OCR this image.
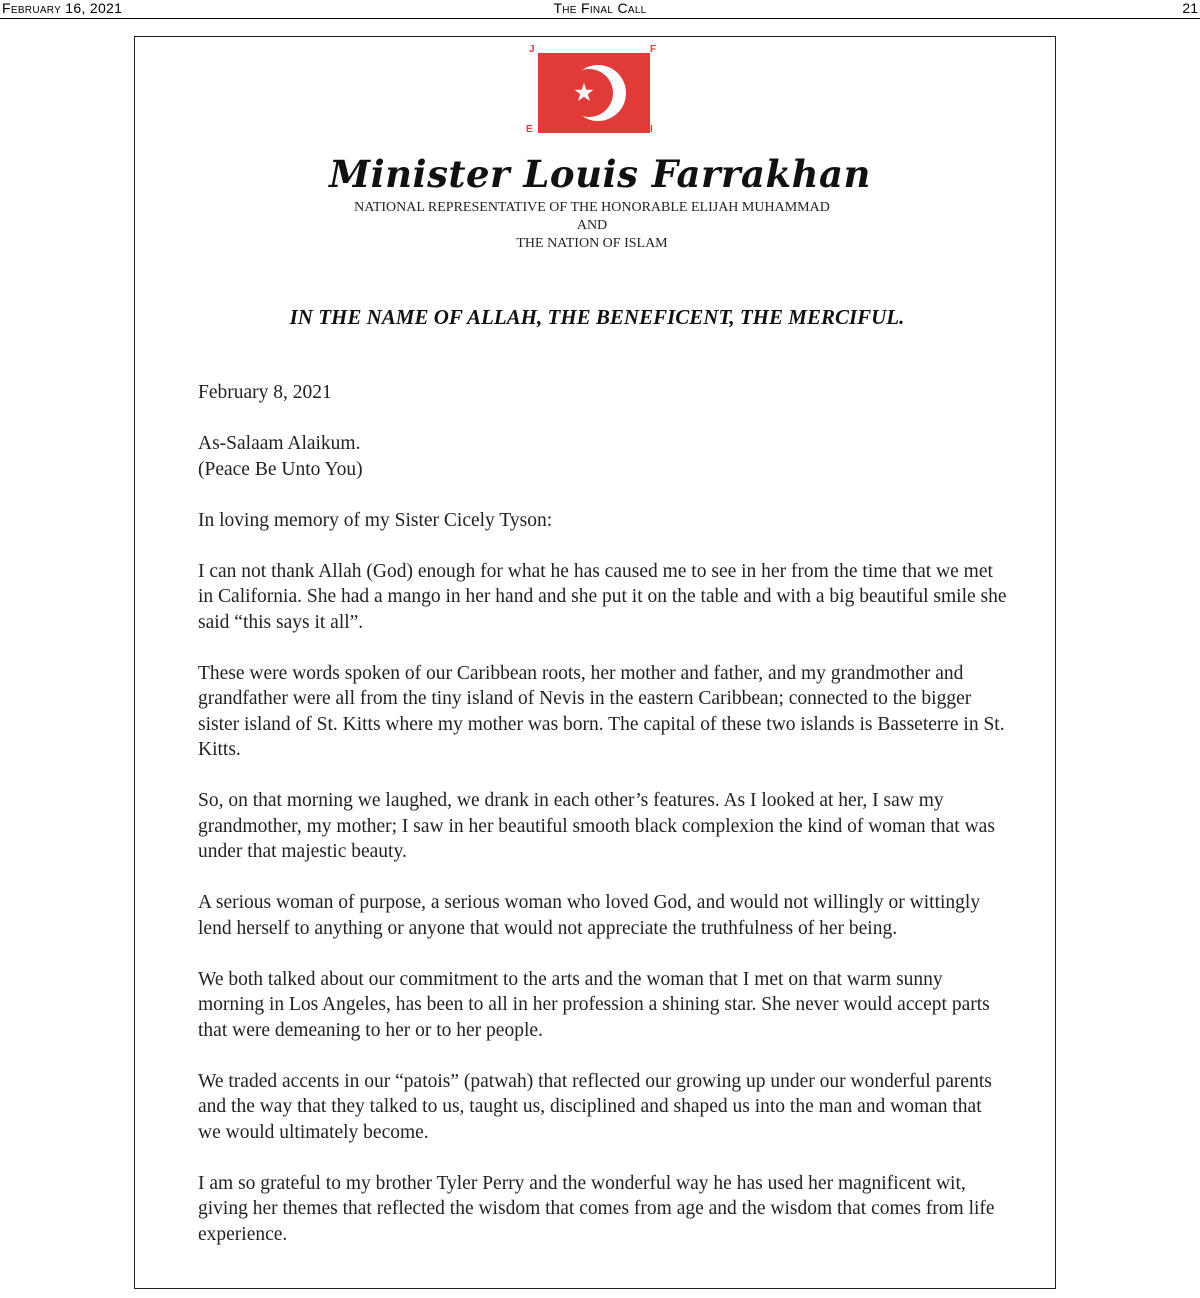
February 16, 2021	The Final Call	21
J	F
E	I
Minister Louis Farrakhan
NATIONAL REPRESENTATIVE OF THE HONORABLE ELIJAH MUHAMMAD
AND
THE NATION OF ISLAM
IN THE NAME OF ALLAH, THE BENEFICENT, THE MERCIFUL.

February 8, 2021

As-Salaam Alaikum.
(Peace Be Unto You)

In loving memory of my Sister Cicely Tyson:

I can not thank Allah (God) enough for what he has caused me to see in her from the time that we met in California. She had a mango in her hand and she put it on the table and with a big beautiful smile she said “this says it all”.

These were words spoken of our Caribbean roots, her mother and father, and my grandmother and grandfather were all from the tiny island of Nevis in the eastern Caribbean; connected to the bigger sister island of St. Kitts where my mother was born. The capital of these two islands is Basseterre in St. Kitts.

So, on that morning we laughed, we drank in each other’s features. As I looked at her, I saw my grandmother, my mother; I saw in her beautiful smooth black complexion the kind of woman that was under that majestic beauty.

A serious woman of purpose, a serious woman who loved God, and would not willingly or wittingly lend herself to anything or anyone that would not appreciate the truthfulness of her being.

We both talked about our commitment to the arts and the woman that I met on that warm sunny morning in Los Angeles, has been to all in her profession a shining star. She never would accept parts that were demeaning to her or to her people.

We traded accents in our “patois” (patwah) that reflected our growing up under our wonderful parents and the way that they talked to us, taught us, disciplined and shaped us into the man and woman that we would ultimately become.

I am so grateful to my brother Tyler Perry and the wonderful way he has used her magnificent wit, giving her themes that reflected the wisdom that comes from age and the wisdom that comes from life experience.
